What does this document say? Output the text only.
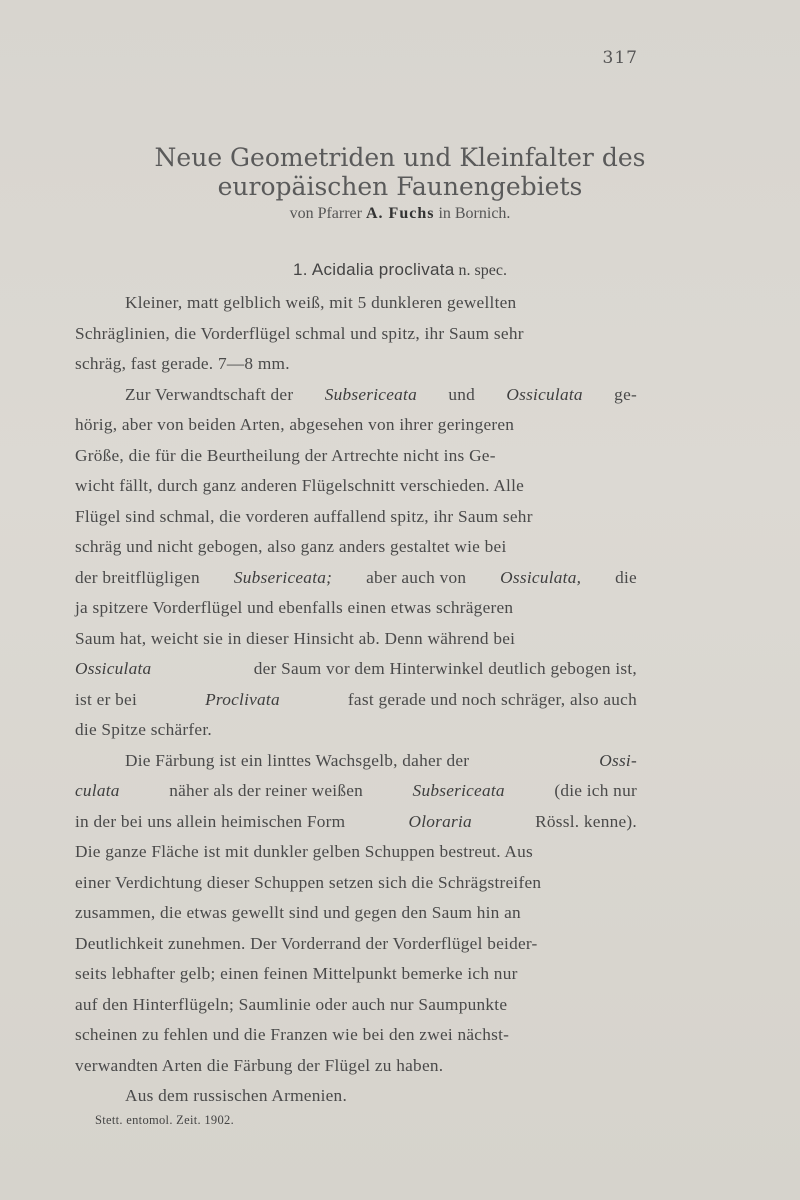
317
Neue Geometriden und Kleinfalter des
europäischen Faunengebiets
von Pfarrer A. Fuchs in Bornich.
1. Acidalia proclivata n. spec.
Kleiner, matt gelblich weiß, mit 5 dunkleren gewellten
Schräglinien, die Vorderflügel schmal und spitz, ihr Saum sehr
schräg, fast gerade. 7—8 mm.
Zur Verwandtschaft der Subsericeata und Ossiculata ge-
hörig, aber von beiden Arten, abgesehen von ihrer geringeren
Größe, die für die Beurtheilung der Artrechte nicht ins Ge-
wicht fällt, durch ganz anderen Flügelschnitt verschieden. Alle
Flügel sind schmal, die vorderen auffallend spitz, ihr Saum sehr
schräg und nicht gebogen, also ganz anders gestaltet wie bei
der breitflügligen Subsericeata; aber auch von Ossiculata, die
ja spitzere Vorderflügel und ebenfalls einen etwas schrägeren
Saum hat, weicht sie in dieser Hinsicht ab. Denn während bei
Ossiculata	der Saum vor dem Hinterwinkel deutlich gebogen ist,
ist er bei	Proclivata	fast gerade und noch schräger, also auch
die Spitze schärfer.
Die Färbung ist ein linttes Wachsgelb, daher der	Ossi-
culata	näher als der reiner weißen	Subsericeata	(die ich nur
in der bei uns allein heimischen Form	Oloraria	Rössl. kenne).
Die ganze Fläche ist mit dunkler gelben Schuppen bestreut. Aus
einer Verdichtung dieser Schuppen setzen sich die Schrägstreifen
zusammen, die etwas gewellt sind und gegen den Saum hin an
Deutlichkeit zunehmen. Der Vorderrand der Vorderflügel beider-
seits lebhafter gelb; einen feinen Mittelpunkt bemerke ich nur
auf den Hinterflügeln; Saumlinie oder auch nur Saumpunkte
scheinen zu fehlen und die Franzen wie bei den zwei nächst-
verwandten Arten die Färbung der Flügel zu haben.
Aus dem russischen Armenien.
Stett. entomol. Zeit. 1902.
